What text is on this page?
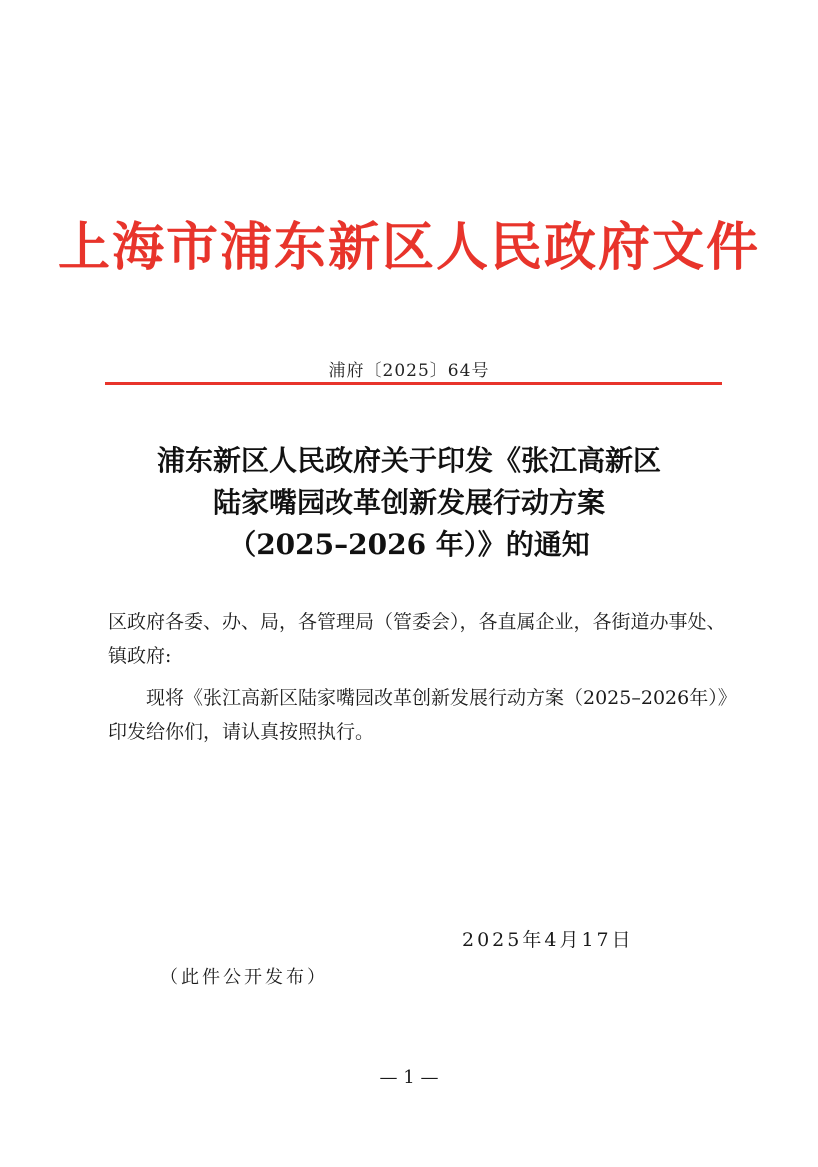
上海市浦东新区人民政府文件
浦府〔2025〕64号
浦东新区人民政府关于印发《张江高新区
陆家嘴园改革创新发展行动方案
（2025–2026 年）》的通知
区政府各委、办、局，各管理局（管委会），各直属企业，各街道办事处、镇政府:
现将《张江高新区陆家嘴园改革创新发展行动方案（2025–2026年）》印发给你们，请认真按照执行。
2025年4月17日
（此件公开发布）
— 1 —
